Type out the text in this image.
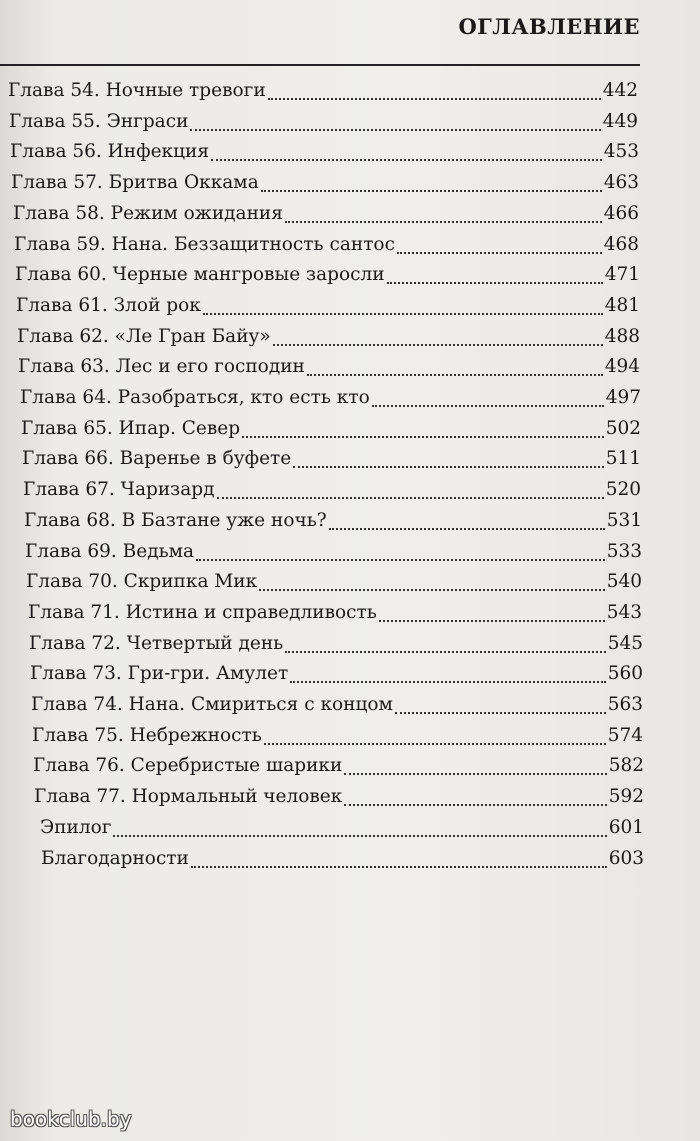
ОГЛАВЛЕНИЕ
Глава 54. Ночные тревоги	442
Глава 55. Энграси	449
Глава 56. Инфекция	453
Глава 57. Бритва Оккама	463
Глава 58. Режим ожидания	466
Глава 59. Нана. Беззащитность сантос	468
Глава 60. Черные мангровые заросли	471
Глава 61. Злой рок	481
Глава 62. «Ле Гран Байу»	488
Глава 63. Лес и его господин	494
Глава 64. Разобраться, кто есть кто	497
Глава 65. Ипар. Север	502
Глава 66. Варенье в буфете	511
Глава 67. Чаризард	520
Глава 68. В Базтане уже ночь?	531
Глава 69. Ведьма	533
Глава 70. Скрипка Мик	540
Глава 71. Истина и справедливость	543
Глава 72. Четвертый день	545
Глава 73. Гри-гри. Амулет	560
Глава 74. Нана. Смириться с концом	563
Глава 75. Небрежность	574
Глава 76. Серебристые шарики	582
Глава 77. Нормальный человек	592
Эпилог	601
Благодарности	603
bookclub.by
